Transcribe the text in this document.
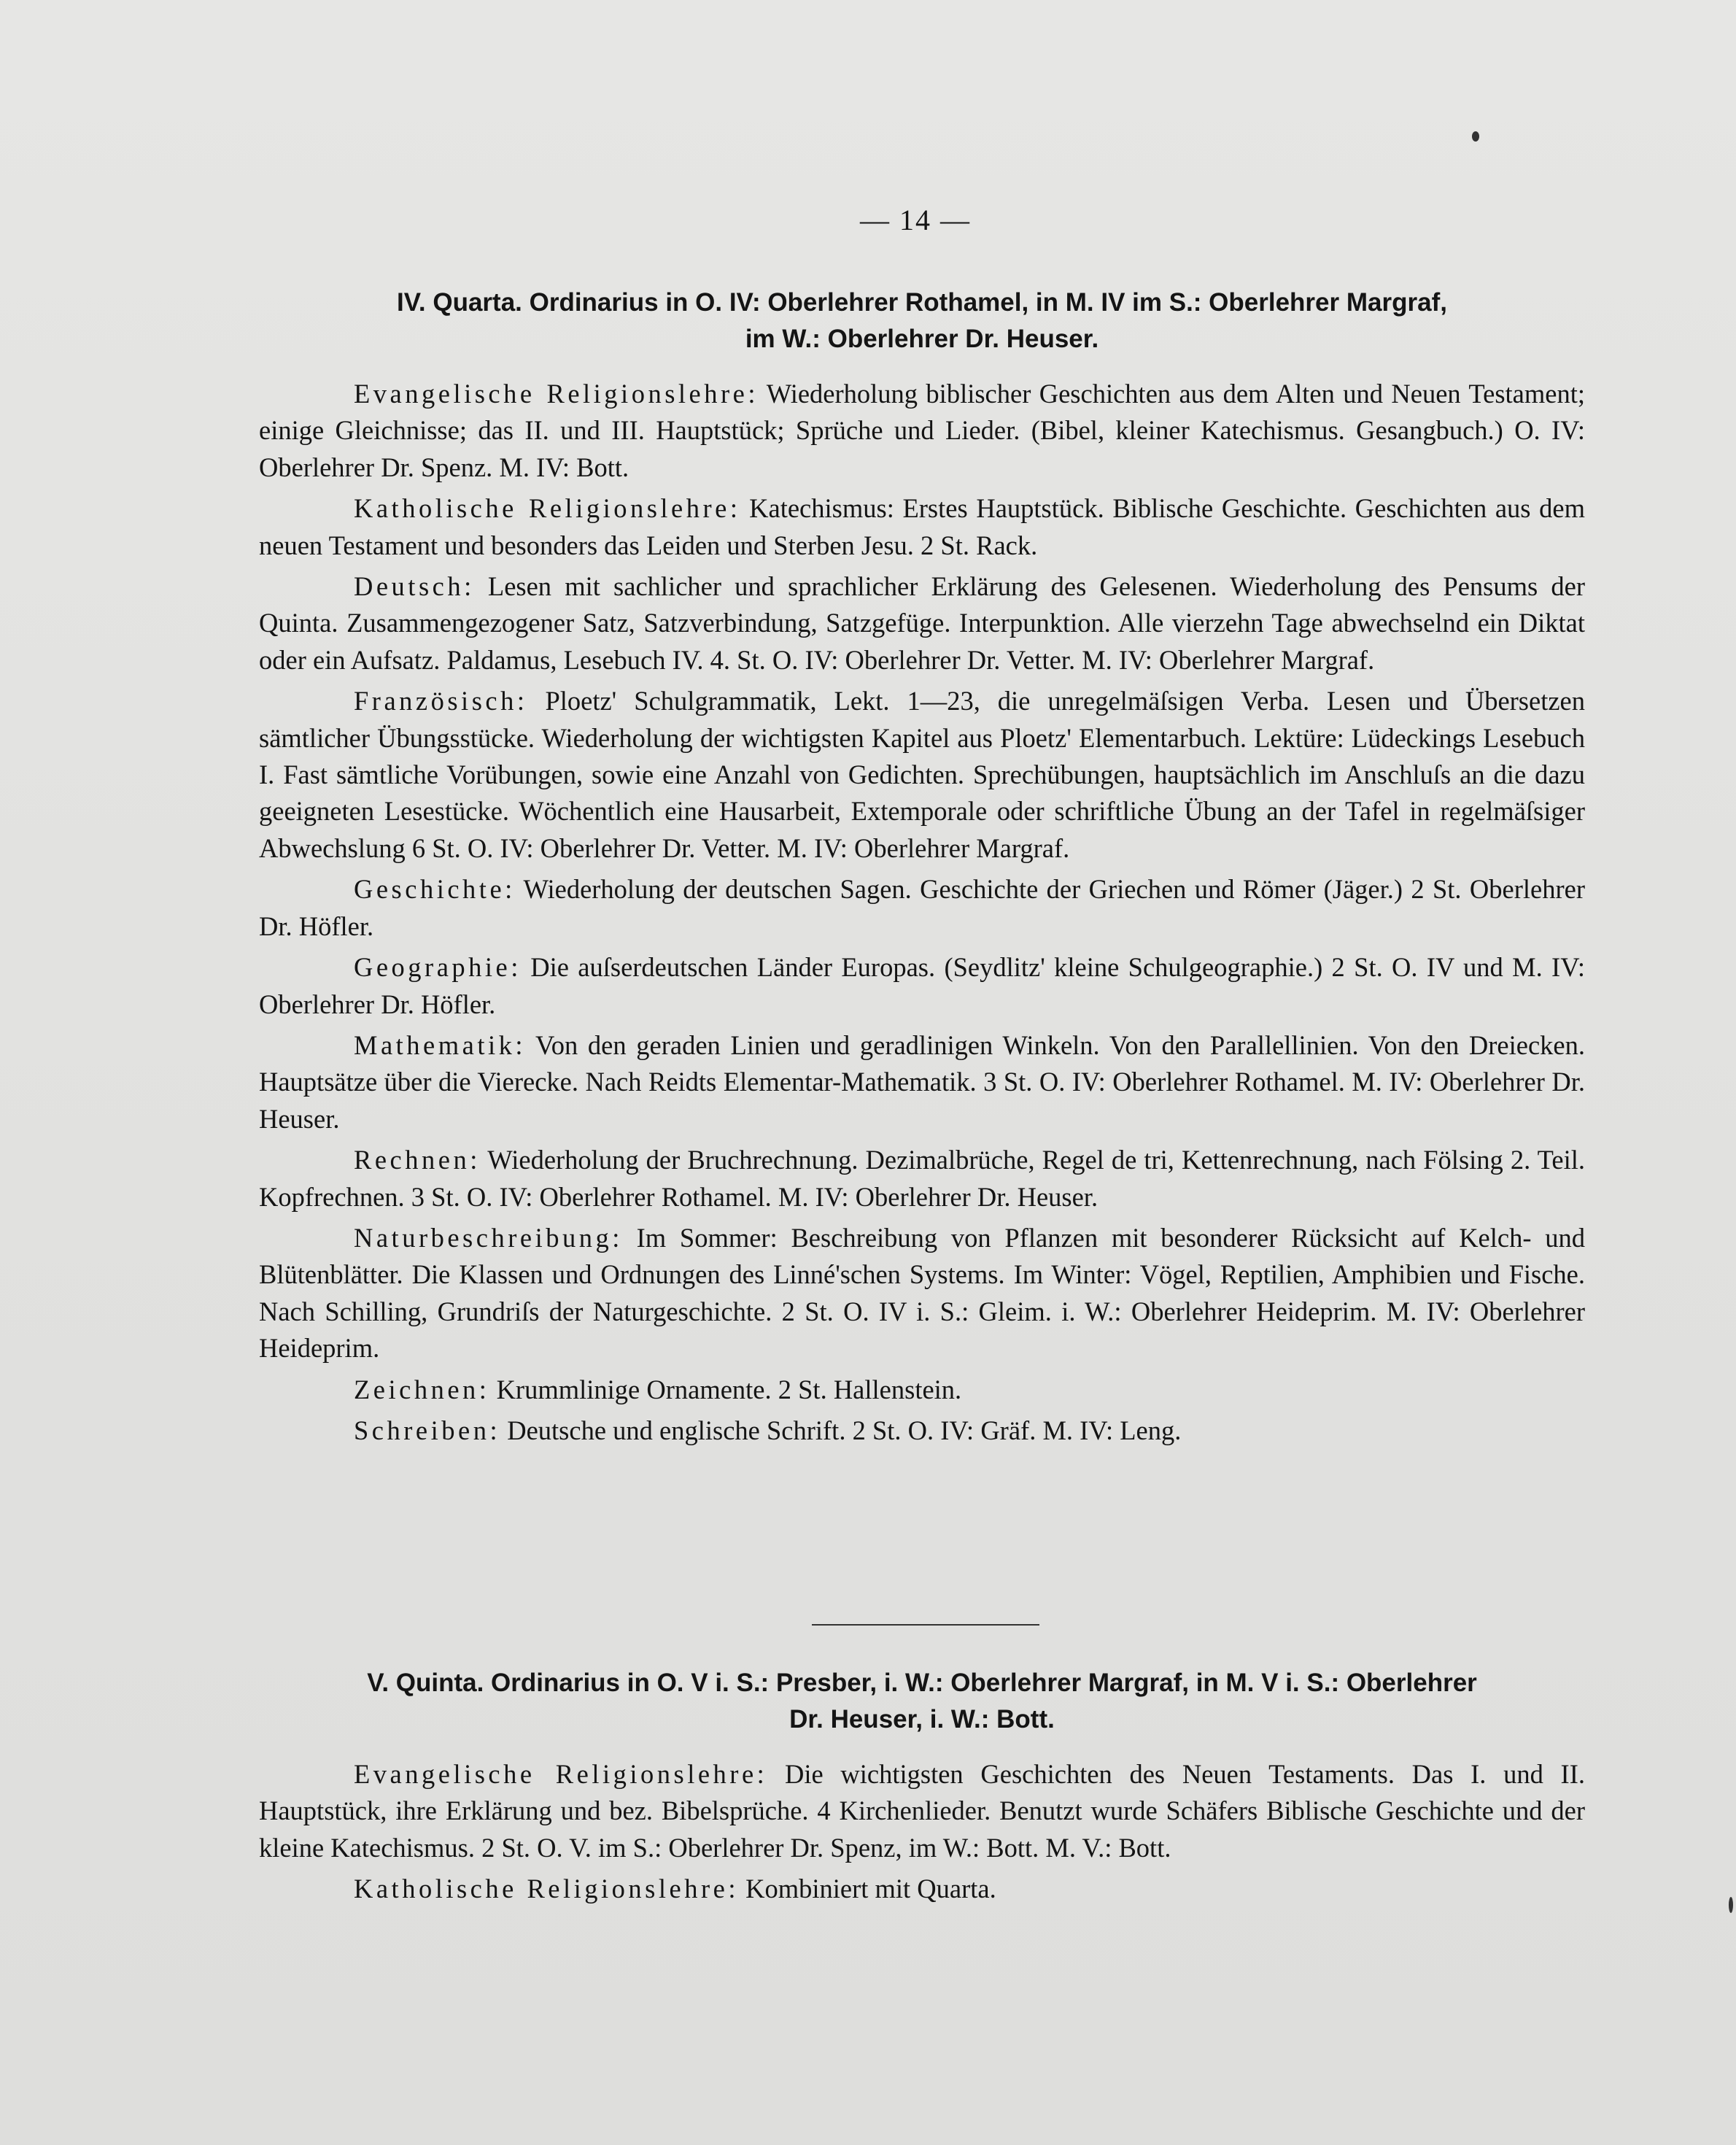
— 14 —
IV. Quarta. Ordinarius in O. IV: Oberlehrer Rothamel, in M. IV im S.: Oberlehrer Margraf,
im W.: Oberlehrer Dr. Heuser.

Evangelische Religionslehre: Wiederholung biblischer Geschichten aus dem Alten und Neuen Testament; einige Gleichnisse; das II. und III. Hauptstück; Sprüche und Lieder. (Bibel, kleiner Katechismus. Gesangbuch.) O. IV: Oberlehrer Dr. Spenz. M. IV: Bott.

Katholische Religionslehre: Katechismus: Erstes Hauptstück. Biblische Geschichte. Geschichten aus dem neuen Testament und besonders das Leiden und Sterben Jesu. 2 St. Rack.

Deutsch: Lesen mit sachlicher und sprachlicher Erklärung des Gelesenen. Wiederholung des Pensums der Quinta. Zusammengezogener Satz, Satzverbindung, Satzgefüge. Interpunktion. Alle vierzehn Tage abwechselnd ein Diktat oder ein Aufsatz. Paldamus, Lesebuch IV. 4. St. O. IV: Oberlehrer Dr. Vetter. M. IV: Oberlehrer Margraf.

Französisch: Ploetz' Schulgrammatik, Lekt. 1—23, die unregelmäſsigen Verba. Lesen und Übersetzen sämtlicher Übungsstücke. Wiederholung der wichtigsten Kapitel aus Ploetz' Elementarbuch. Lektüre: Lüdeckings Lesebuch I. Fast sämtliche Vorübungen, sowie eine Anzahl von Gedichten. Sprechübungen, hauptsächlich im Anschluſs an die dazu geeigneten Lesestücke. Wöchentlich eine Hausarbeit, Extemporale oder schriftliche Übung an der Tafel in regelmäſsiger Abwechslung 6 St. O. IV: Oberlehrer Dr. Vetter. M. IV: Oberlehrer Margraf.

Geschichte: Wiederholung der deutschen Sagen. Geschichte der Griechen und Römer (Jäger.) 2 St. Oberlehrer Dr. Höfler.

Geographie: Die auſserdeutschen Länder Europas. (Seydlitz' kleine Schulgeographie.) 2 St. O. IV und M. IV: Oberlehrer Dr. Höfler.

Mathematik: Von den geraden Linien und geradlinigen Winkeln. Von den Parallellinien. Von den Dreiecken. Hauptsätze über die Vierecke. Nach Reidts Elementar-Mathematik. 3 St. O. IV: Oberlehrer Rothamel. M. IV: Oberlehrer Dr. Heuser.

Rechnen: Wiederholung der Bruchrechnung. Dezimalbrüche, Regel de tri, Kettenrechnung, nach Fölsing 2. Teil. Kopfrechnen. 3 St. O. IV: Oberlehrer Rothamel. M. IV: Oberlehrer Dr. Heuser.

Naturbeschreibung: Im Sommer: Beschreibung von Pflanzen mit besonderer Rücksicht auf Kelch- und Blütenblätter. Die Klassen und Ordnungen des Linné'schen Systems. Im Winter: Vögel, Reptilien, Amphibien und Fische. Nach Schilling, Grundriſs der Naturgeschichte. 2 St. O. IV i. S.: Gleim. i. W.: Oberlehrer Heideprim. M. IV: Oberlehrer Heideprim.

Zeichnen: Krummlinige Ornamente. 2 St. Hallenstein.

Schreiben: Deutsche und englische Schrift. 2 St. O. IV: Gräf. M. IV: Leng.

V. Quinta. Ordinarius in O. V i. S.: Presber, i. W.: Oberlehrer Margraf, in M. V i. S.: Oberlehrer
Dr. Heuser, i. W.: Bott.

Evangelische Religionslehre: Die wichtigsten Geschichten des Neuen Testaments. Das I. und II. Hauptstück, ihre Erklärung und bez. Bibelsprüche. 4 Kirchenlieder. Benutzt wurde Schäfers Biblische Geschichte und der kleine Katechismus. 2 St. O. V. im S.: Oberlehrer Dr. Spenz, im W.: Bott. M. V.: Bott.

Katholische Religionslehre: Kombiniert mit Quarta.
